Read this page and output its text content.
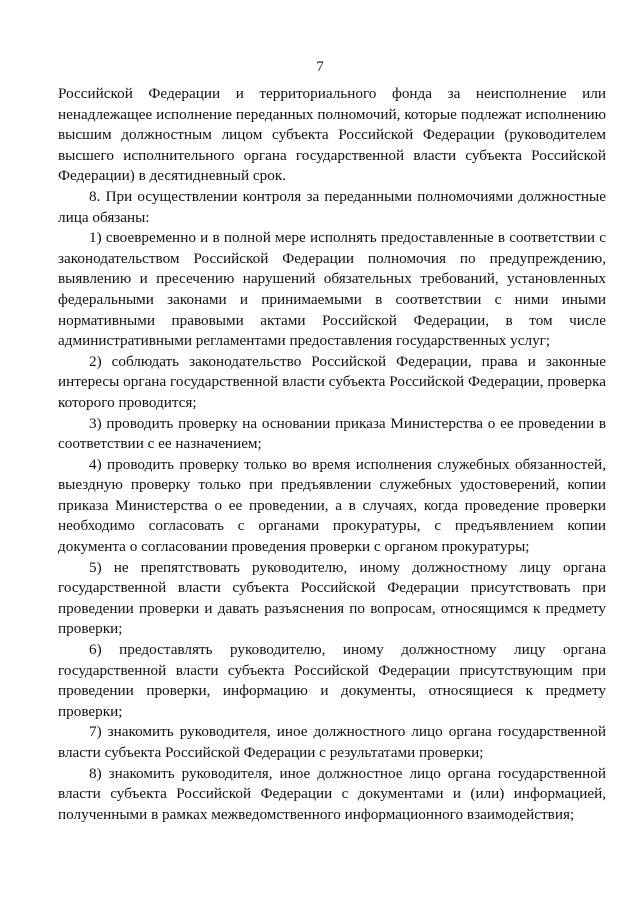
7

Российской Федерации и территориального фонда за неисполнение или ненадлежащее исполнение переданных полномочий, которые подлежат исполнению высшим должностным лицом субъекта Российской Федерации (руководителем высшего исполнительного органа государственной власти субъекта Российской Федерации) в десятидневный срок.

8. При осуществлении контроля за переданными полномочиями должностные лица обязаны:

1) своевременно и в полной мере исполнять предоставленные в соответствии с законодательством Российской Федерации полномочия по предупреждению, выявлению и пресечению нарушений обязательных требований, установленных федеральными законами и принимаемыми в соответствии с ними иными нормативными правовыми актами Российской Федерации, в том числе административными регламентами предоставления государственных услуг;

2) соблюдать законодательство Российской Федерации, права и законные интересы органа государственной власти субъекта Российской Федерации, проверка которого проводится;

3) проводить проверку на основании приказа Министерства о ее проведении в соответствии с ее назначением;

4) проводить проверку только во время исполнения служебных обязанностей, выездную проверку только при предъявлении служебных удостоверений, копии приказа Министерства о ее проведении, а в случаях, когда проведение проверки необходимо согласовать с органами прокуратуры, с предъявлением копии документа о согласовании проведения проверки с органом прокуратуры;

5) не препятствовать руководителю, иному должностному лицу органа государственной власти субъекта Российской Федерации присутствовать при проведении проверки и давать разъяснения по вопросам, относящимся к предмету проверки;

6) предоставлять руководителю, иному должностному лицу органа государственной власти субъекта Российской Федерации присутствующим при проведении проверки, информацию и документы, относящиеся к предмету проверки;

7) знакомить руководителя, иное должностного лицо органа государственной власти субъекта Российской Федерации с результатами проверки;

8) знакомить руководителя, иное должностное лицо органа государственной власти субъекта Российской Федерации с документами и (или) информацией, полученными в рамках межведомственного информационного взаимодействия;
